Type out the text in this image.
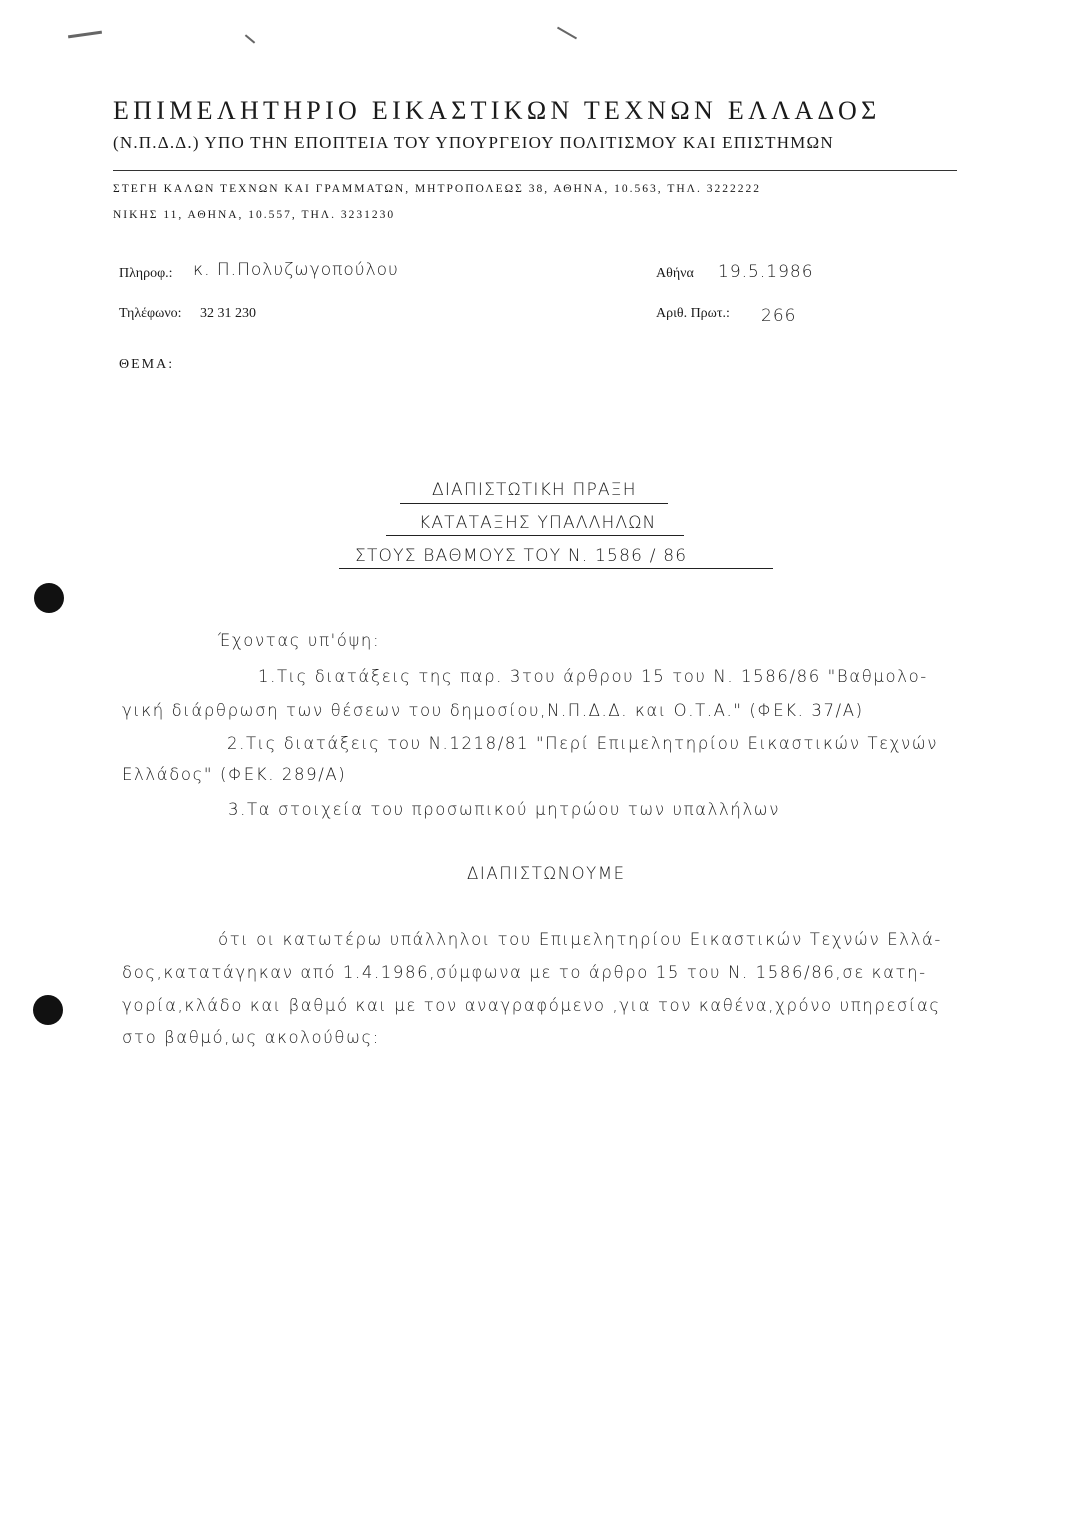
ΕΠΙΜΕΛΗΤΗΡΙΟ ΕΙΚΑΣΤΙΚΩΝ ΤΕΧΝΩΝ ΕΛΛΑΔΟΣ
(Ν.Π.Δ.Δ.) ΥΠΟ ΤΗΝ ΕΠΟΠΤΕΙΑ ΤΟΥ ΥΠΟΥΡΓΕΙΟΥ ΠΟΛΙΤΙΣΜΟΥ ΚΑΙ ΕΠΙΣΤΗΜΩΝ
ΣΤΕΓΗ ΚΑΛΩΝ ΤΕΧΝΩΝ ΚΑΙ ΓΡΑΜΜΑΤΩΝ, ΜΗΤΡΟΠΟΛΕΩΣ 38, ΑΘΗΝΑ, 10.563, ΤΗΛ. 3222222
ΝΙΚΗΣ 11, ΑΘΗΝΑ, 10.557, ΤΗΛ. 3231230
Πληροφ.: κ. Π.Πολυζωγοπούλου
Τηλέφωνο: 32 31 230
Αθήνα 19.5.1986
Αριθ. Πρωτ.: 266
ΘΕΜΑ:
ΔΙΑΠΙΣΤΩΤΙΚΗ ΠΡΑΞΗ
ΚΑΤΑΤΑΞΗΣ ΥΠΑΛΛΗΛΩΝ
ΣΤΟΥΣ ΒΑΘΜΟΥΣ ΤΟΥ Ν. 1586 / 86
Έχοντας υπ'όψη:
1.Τις διατάξεις της παρ. 3του άρθρου 15 του Ν. 1586/86 "Βαθμολο-
γική διάρθρωση των θέσεων του δημοσίου,Ν.Π.Δ.Δ. και Ο.Τ.Α." (ΦΕΚ. 37/Α)
2.Τις διατάξεις του Ν.1218/81 "Περί Επιμελητηρίου Εικαστικών Τεχνών
Ελλάδος" (ΦΕΚ. 289/Α)
3.Τα στοιχεία του προσωπικού μητρώου των υπαλλήλων
ΔΙΑΠΙΣΤΩΝΟΥΜΕ
ότι οι κατωτέρω υπάλληλοι του Επιμελητηρίου Εικαστικών Τεχνών Ελλά-
δος,κατατάγηκαν από 1.4.1986,σύμφωνα με το άρθρο 15 του Ν. 1586/86,σε κατη-
γορία,κλάδο και βαθμό και με τον αναγραφόμενο ,για τον καθένα,χρόνο υπηρεσίας
στο βαθμό,ως ακολούθως:
